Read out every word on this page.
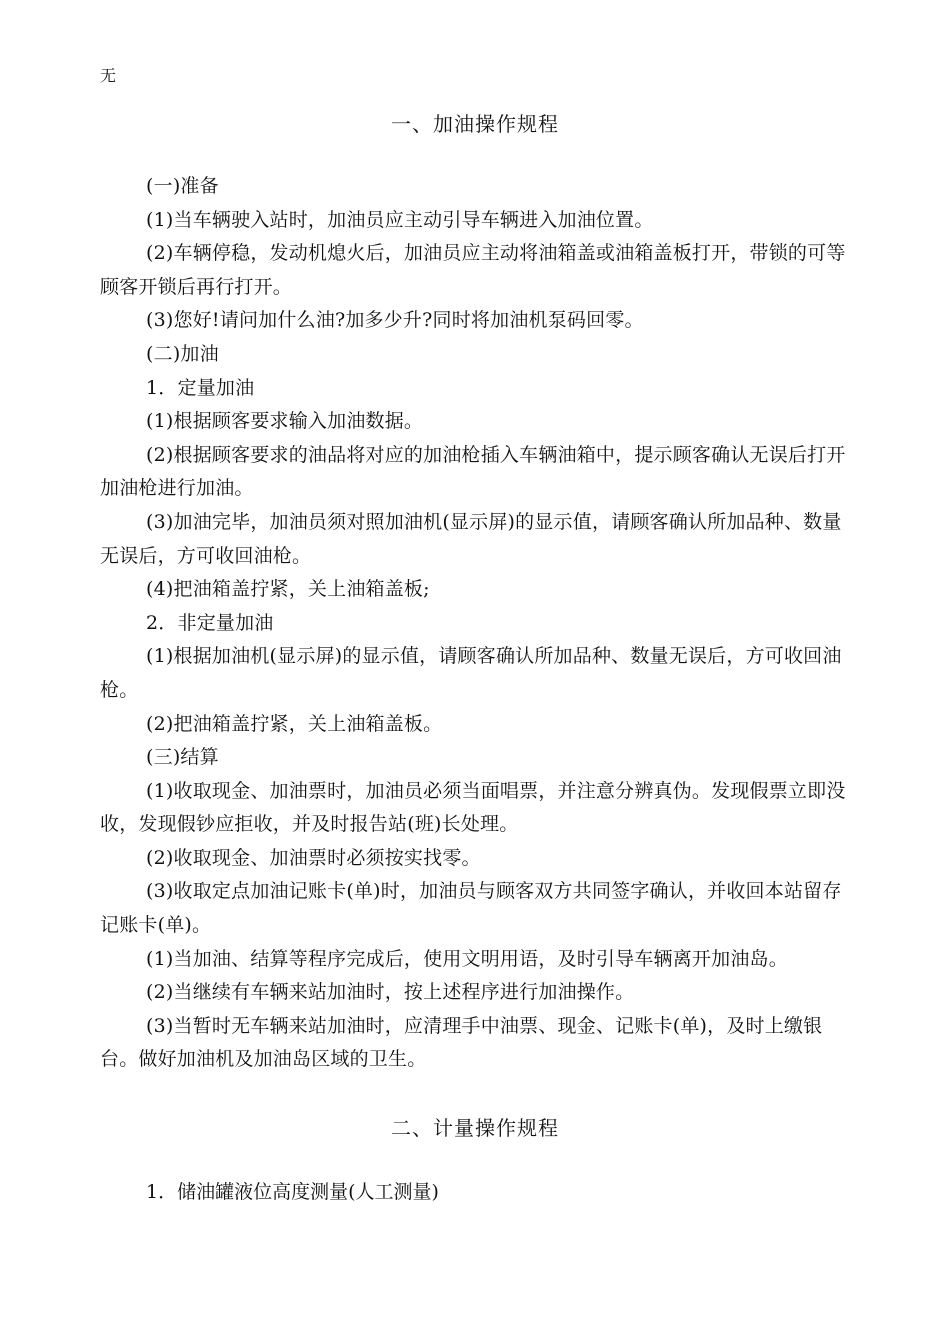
无
一、加油操作规程

(一)准备

(1)当车辆驶入站时，加油员应主动引导车辆进入加油位置。

(2)车辆停稳，发动机熄火后，加油员应主动将油箱盖或油箱盖板打开，带锁的可等顾客开锁后再行打开。

(3)您好!请问加什么油?加多少升?同时将加油机泵码回零。

(二)加油

1．定量加油

(1)根据顾客要求输入加油数据。

(2)根据顾客要求的油品将对应的加油枪插入车辆油箱中，提示顾客确认无误后打开加油枪进行加油。

(3)加油完毕，加油员须对照加油机(显示屏)的显示值，请顾客确认所加品种、数量无误后，方可收回油枪。

(4)把油箱盖拧紧，关上油箱盖板;

2．非定量加油

(1)根据加油机(显示屏)的显示值，请顾客确认所加品种、数量无误后，方可收回油枪。

(2)把油箱盖拧紧，关上油箱盖板。

(三)结算

(1)收取现金、加油票时，加油员必须当面唱票，并注意分辨真伪。发现假票立即没收，发现假钞应拒收，并及时报告站(班)长处理。

(2)收取现金、加油票时必须按实找零。

(3)收取定点加油记账卡(单)时，加油员与顾客双方共同签字确认，并收回本站留存记账卡(单)。

(1)当加油、结算等程序完成后，使用文明用语，及时引导车辆离开加油岛。

(2)当继续有车辆来站加油时，按上述程序进行加油操作。

(3)当暂时无车辆来站加油时，应清理手中油票、现金、记账卡(单)，及时上缴银台。做好加油机及加油岛区域的卫生。

二、计量操作规程

1．储油罐液位高度测量(人工测量)
